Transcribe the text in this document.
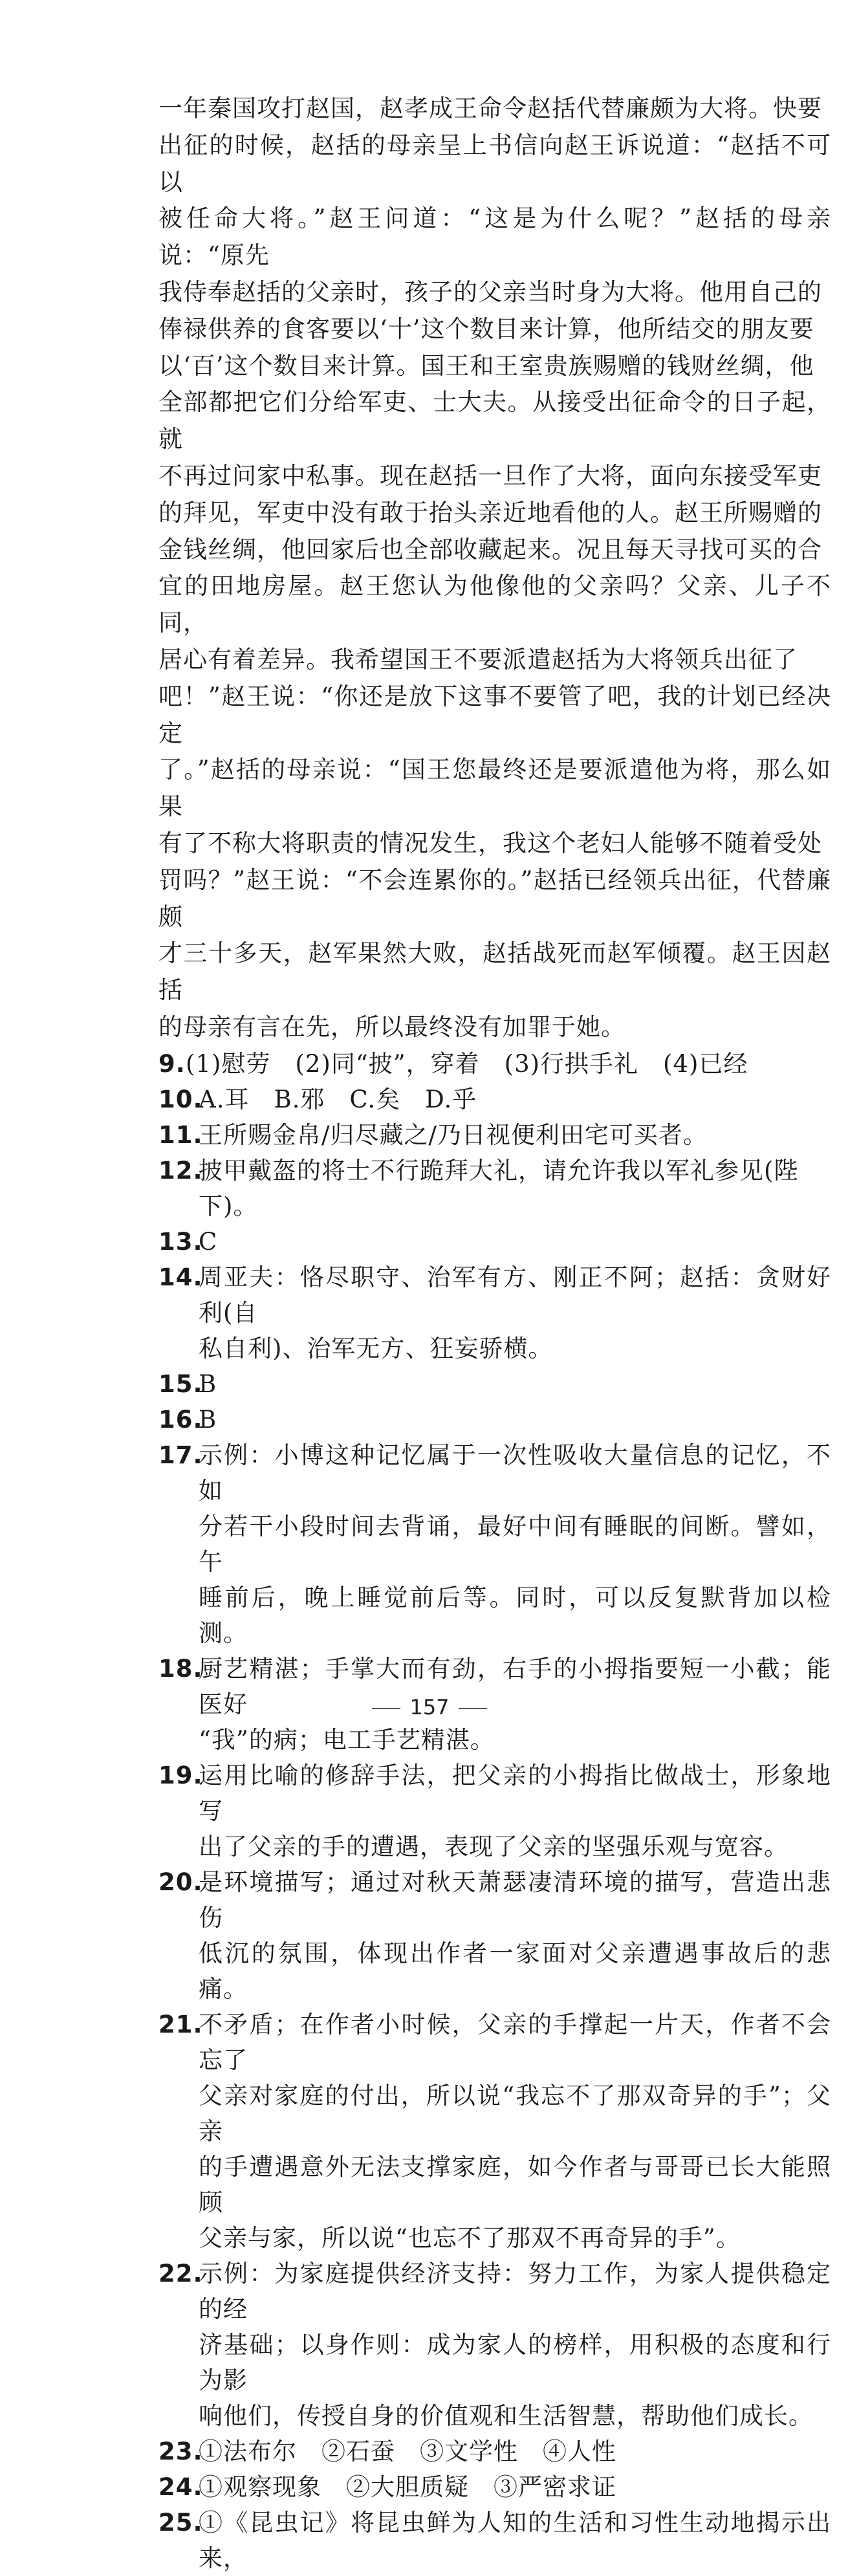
一年秦国攻打赵国，赵孝成王命令赵括代替廉颇为大将。快要

出征的时候，赵括的母亲呈上书信向赵王诉说道：“赵括不可以

被任命大将。”赵王问道：“这是为什么呢？”赵括的母亲说：“原先

我侍奉赵括的父亲时，孩子的父亲当时身为大将。他用自己的

俸禄供养的食客要以‘十’这个数目来计算，他所结交的朋友要

以‘百’这个数目来计算。国王和王室贵族赐赠的钱财丝绸，他

全部都把它们分给军吏、士大夫。从接受出征命令的日子起，就

不再过问家中私事。现在赵括一旦作了大将，面向东接受军吏

的拜见，军吏中没有敢于抬头亲近地看他的人。赵王所赐赠的

金钱丝绸，他回家后也全部收藏起来。况且每天寻找可买的合

宜的田地房屋。赵王您认为他像他的父亲吗？父亲、儿子不同，

居心有着差异。我希望国王不要派遣赵括为大将领兵出征了

吧！”赵王说：“你还是放下这事不要管了吧，我的计划已经决定

了。”赵括的母亲说：“国王您最终还是要派遣他为将，那么如果

有了不称大将职责的情况发生，我这个老妇人能够不随着受处

罚吗？”赵王说：“不会连累你的。”赵括已经领兵出征，代替廉颇

才三十多天，赵军果然大败，赵括战死而赵军倾覆。赵王因赵括

的母亲有言在先，所以最终没有加罪于她。

9 . (1)慰劳　(2)同“披”，穿着　(3)行拱手礼　(4)已经
10 . A.耳　B.邪　C.矣　D.乎
11 . 王所赐金帛/归尽藏之/乃日视便利田宅可买者。
12 . 披甲戴盔的将士不行跪拜大礼，请允许我以军礼参见(陛
下)。
13 . C
14 . 周亚夫：恪尽职守、治军有方、刚正不阿；赵括：贪财好利(自
私自利)、治军无方、狂妄骄横。
15 . B
16 . B
17 . 示例：小博这种记忆属于一次性吸收大量信息的记忆，不如
分若干小段时间去背诵，最好中间有睡眠的间断。譬如，午
睡前后，晚上睡觉前后等。同时，可以反复默背加以检测。
18 . 厨艺精湛；手掌大而有劲，右手的小拇指要短一小截；能医好
“我”的病；电工手艺精湛。
19 . 运用比喻的修辞手法，把父亲的小拇指比做战士，形象地写
出了父亲的手的遭遇，表现了父亲的坚强乐观与宽容。
20 . 是环境描写；通过对秋天萧瑟凄清环境的描写，营造出悲伤
低沉的氛围，体现出作者一家面对父亲遭遇事故后的悲痛。
21 . 不矛盾；在作者小时候，父亲的手撑起一片天，作者不会忘了
父亲对家庭的付出，所以说“我忘不了那双奇异的手”；父亲
的手遭遇意外无法支撑家庭，如今作者与哥哥已长大能照顾
父亲与家，所以说“也忘不了那双不再奇异的手”。
22 . 示例：为家庭提供经济支持：努力工作，为家人提供稳定的经
济基础；以身作则：成为家人的榜样，用积极的态度和行为影
响他们，传授自身的价值观和生活智慧，帮助他们成长。
23 . ①法布尔　②石蚕　③文学性　④人性
24 . ①观察现象　②大胆质疑　③严密求证
25 . ①《昆虫记》将昆虫鲜为人知的生活和习性生动地揭示出来，
157
